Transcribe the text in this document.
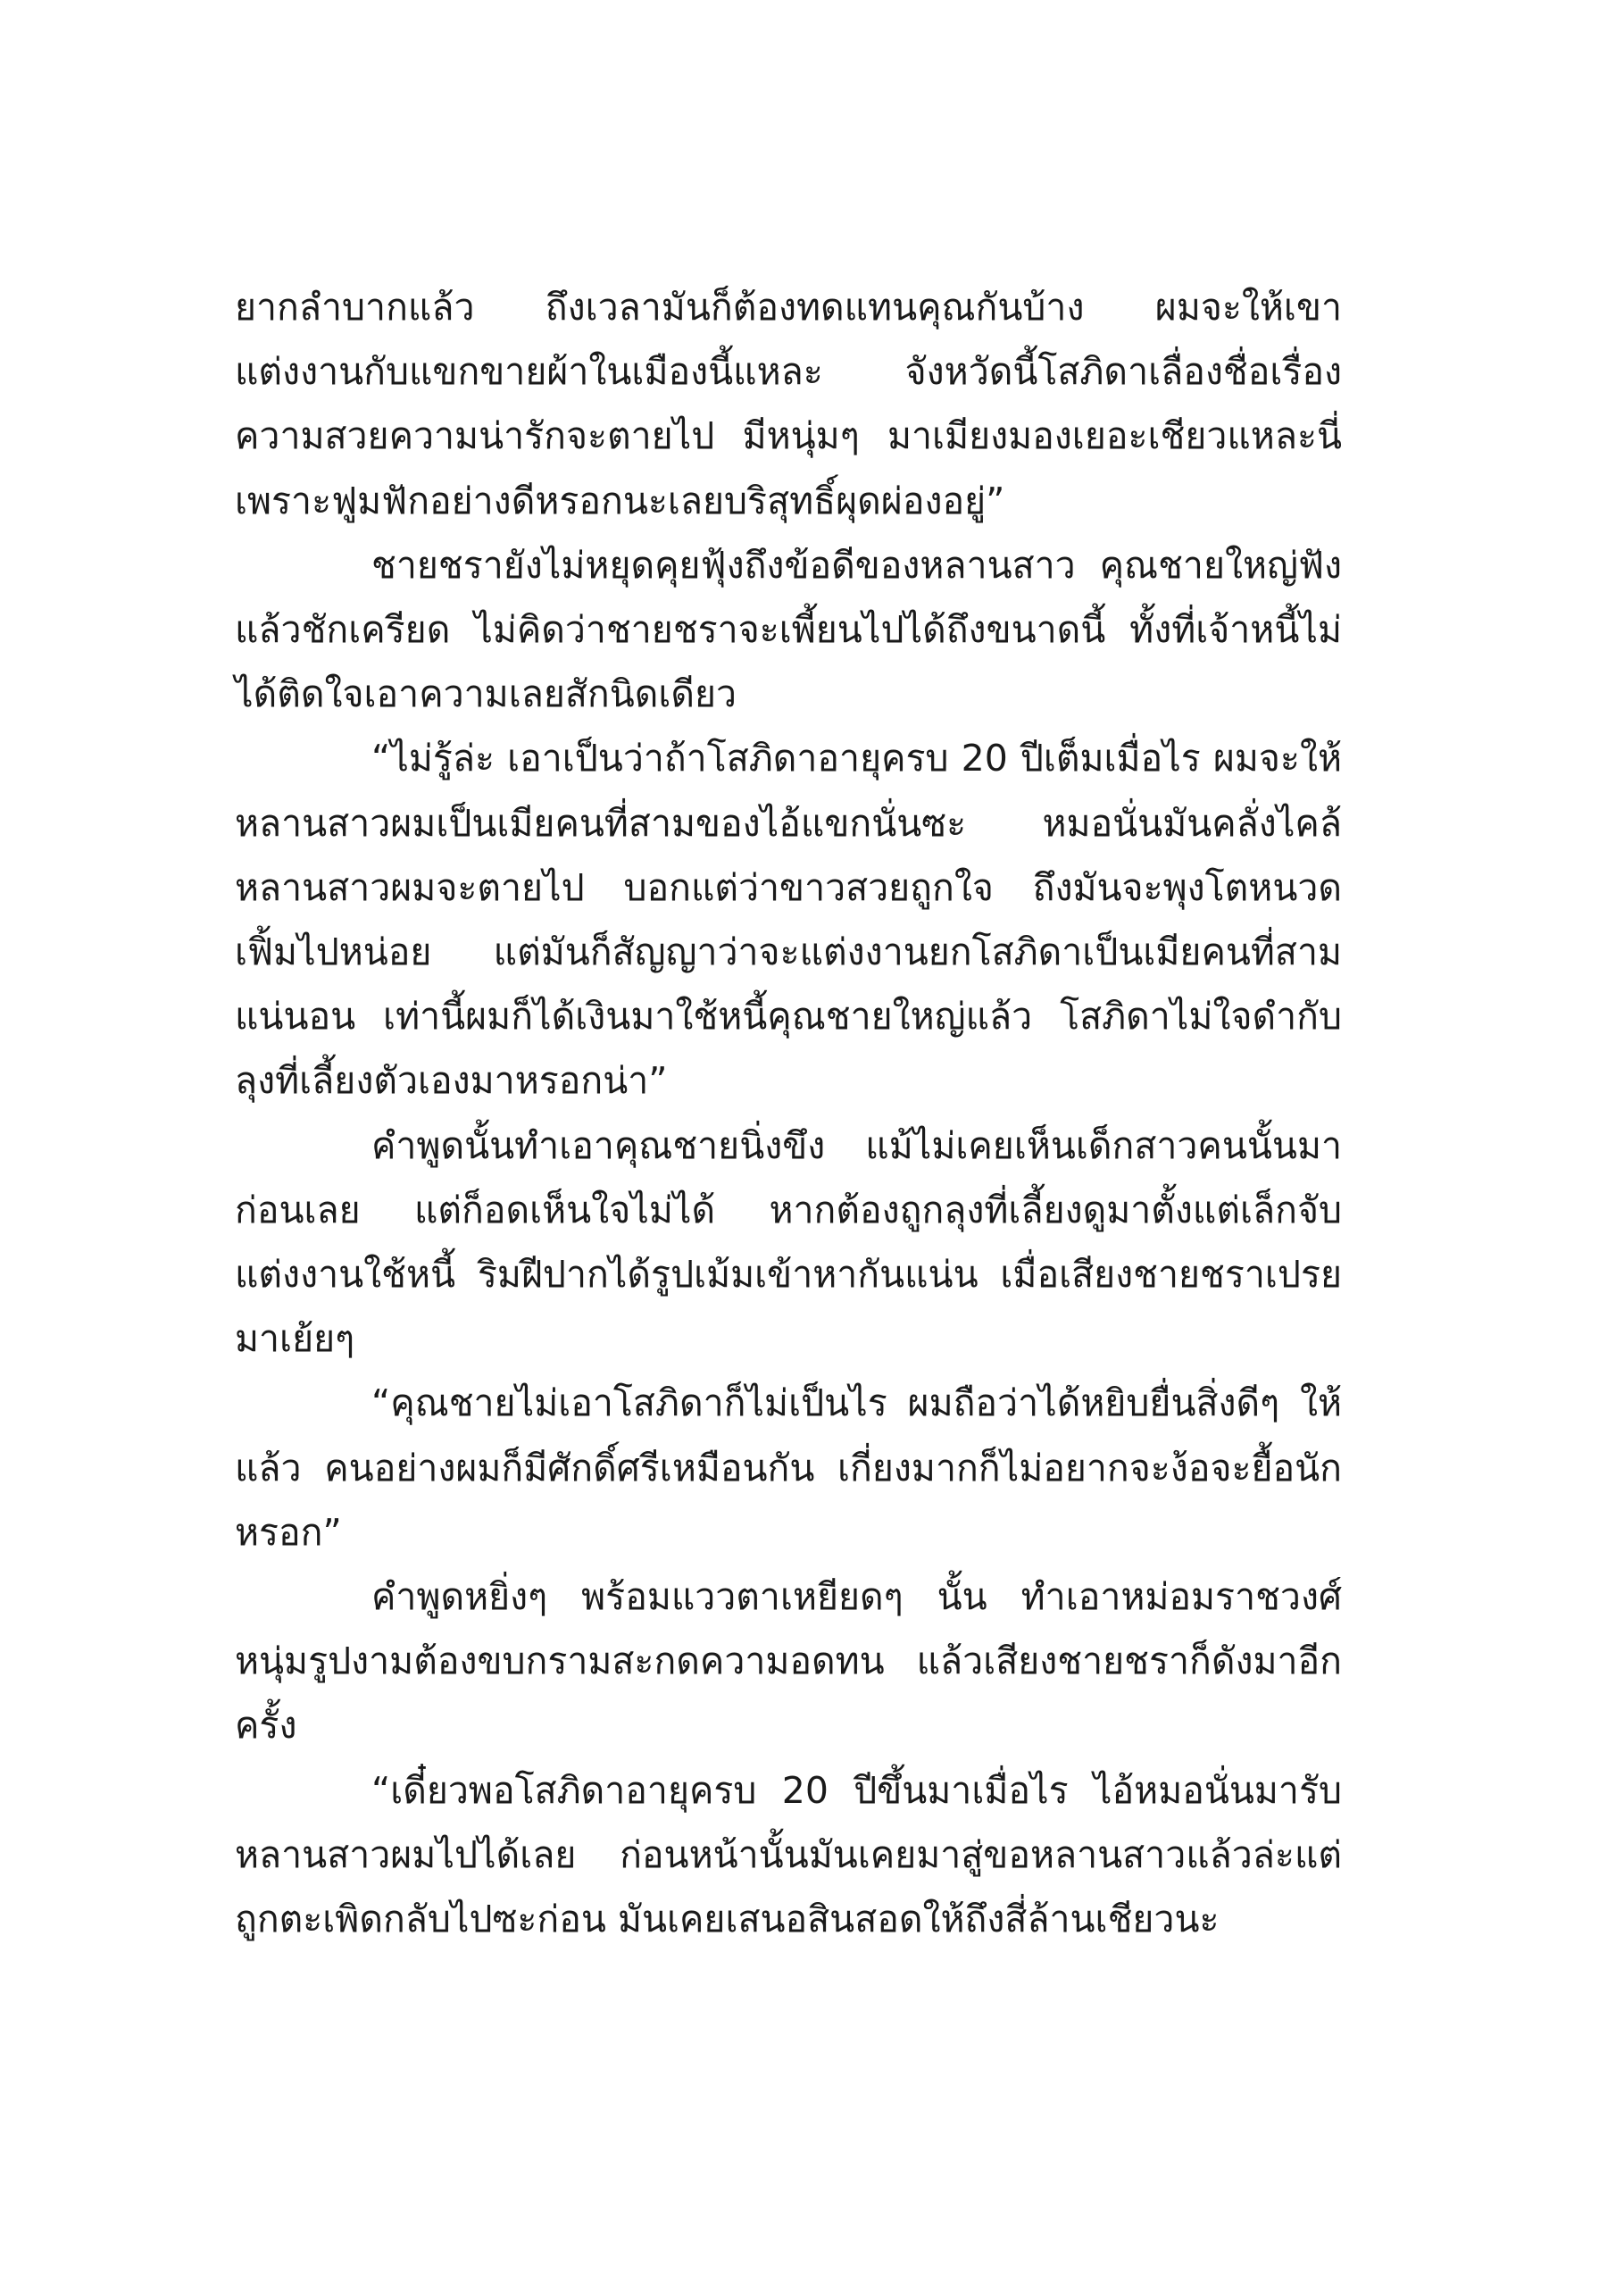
ยากลำบากแล้ว ถึงเวลามันก็ต้องทดแทนคุณกันบ้าง ผมจะให้เขาแต่งงานกับแขกขายผ้าในเมืองนี้แหละ จังหวัดนี้โสภิดาเลื่องชื่อเรื่องความสวยความน่ารักจะตายไป มีหนุ่มๆ มาเมียงมองเยอะเชียวแหละนี่เพราะฟูมฟักอย่างดีหรอกนะเลยบริสุทธิ์ผุดผ่องอยู่”

ชายชรายังไม่หยุดคุยฟุ้งถึงข้อดีของหลานสาว คุณชายใหญ่ฟังแล้วชักเครียด ไม่คิดว่าชายชราจะเพี้ยนไปได้ถึงขนาดนี้ ทั้งที่เจ้าหนี้ไม่ได้ติดใจเอาความเลยสักนิดเดียว

“ไม่รู้ล่ะ เอาเป็นว่าถ้าโสภิดาอายุครบ 20 ปีเต็มเมื่อไร ผมจะให้หลานสาวผมเป็นเมียคนที่สามของไอ้แขกนั่นซะ หมอนั่นมันคลั่งไคล้หลานสาวผมจะตายไป บอกแต่ว่าขาวสวยถูกใจ ถึงมันจะพุงโตหนวดเฟิ้มไปหน่อย แต่มันก็สัญญาว่าจะแต่งงานยกโสภิดาเป็นเมียคนที่สามแน่นอน เท่านี้ผมก็ได้เงินมาใช้หนี้คุณชายใหญ่แล้ว โสภิดาไม่ใจดำกับลุงที่เลี้ยงตัวเองมาหรอกน่า”

คำพูดนั้นทำเอาคุณชายนิ่งขึง แม้ไม่เคยเห็นเด็กสาวคนนั้นมาก่อนเลย แต่ก็อดเห็นใจไม่ได้ หากต้องถูกลุงที่เลี้ยงดูมาตั้งแต่เล็กจับแต่งงานใช้หนี้ ริมฝีปากได้รูปเม้มเข้าหากันแน่น เมื่อเสียงชายชราเปรยมาเย้ยๆ

“คุณชายไม่เอาโสภิดาก็ไม่เป็นไร ผมถือว่าได้หยิบยื่นสิ่งดีๆ ให้แล้ว คนอย่างผมก็มีศักดิ์ศรีเหมือนกัน เกี่ยงมากก็ไม่อยากจะง้อจะยื้อนักหรอก”

คำพูดหยิ่งๆ พร้อมแววตาเหยียดๆ นั้น ทำเอาหม่อมราชวงศ์หนุ่มรูปงามต้องขบกรามสะกดความอดทน แล้วเสียงชายชราก็ดังมาอีกครั้ง

“เดี๋ยวพอโสภิดาอายุครบ 20 ปีขึ้นมาเมื่อไร ไอ้หมอนั่นมารับหลานสาวผมไปได้เลย ก่อนหน้านั้นมันเคยมาสู่ขอหลานสาวแล้วล่ะแต่ถูกตะเพิดกลับไปซะก่อน มันเคยเสนอสินสอดให้ถึงสี่ล้านเชียวนะ
